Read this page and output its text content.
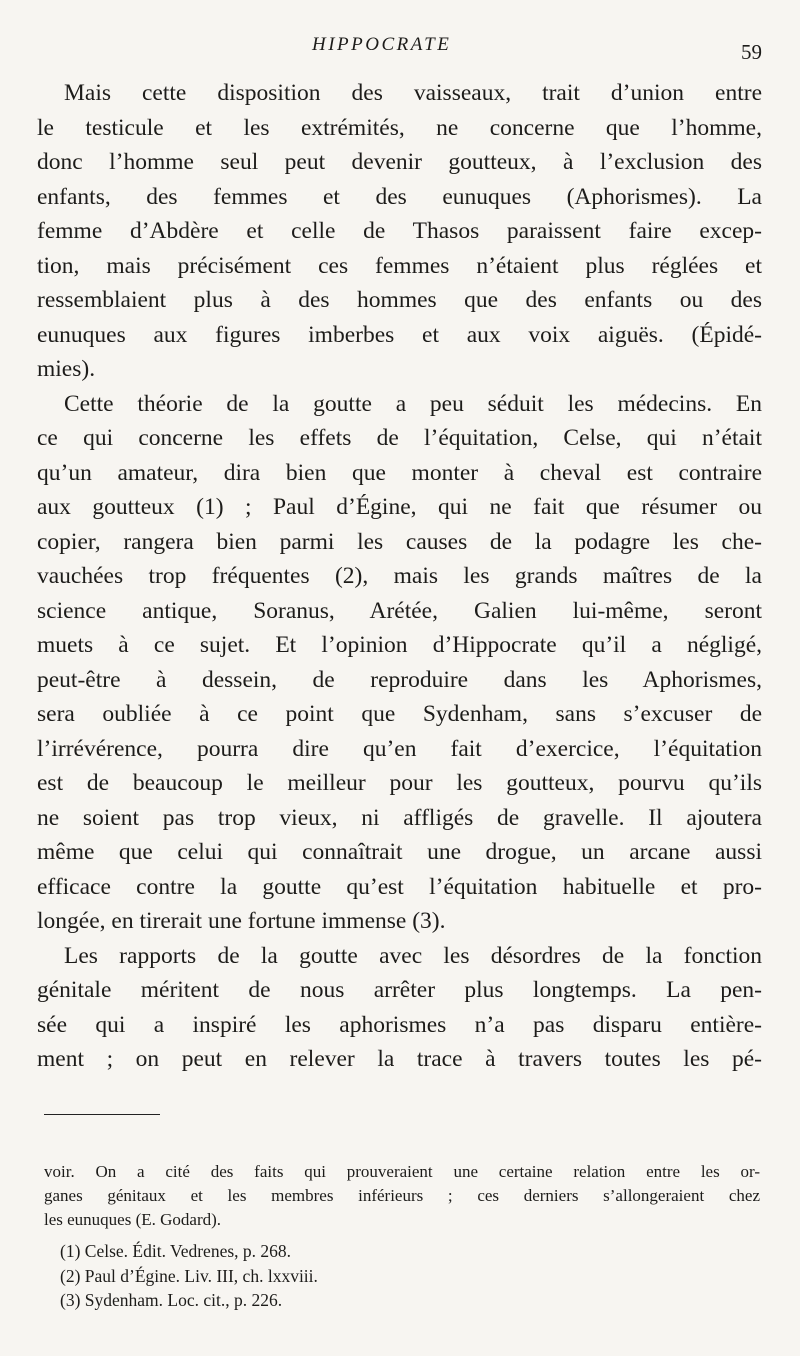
HIPPOCRATE	59
Mais cette disposition des vaisseaux, trait d’union entre
le testicule et les extrémités, ne concerne que l’homme,
donc l’homme seul peut devenir goutteux, à l’exclusion des
enfants, des femmes et des eunuques (Aphorismes). La
femme d’Abdère et celle de Thasos paraissent faire excep-
tion, mais précisément ces femmes n’étaient plus réglées et
ressemblaient plus à des hommes que des enfants ou des
eunuques aux figures imberbes et aux voix aiguës. (Épidé-
mies).
Cette théorie de la goutte a peu séduit les médecins. En
ce qui concerne les effets de l’équitation, Celse, qui n’était
qu’un amateur, dira bien que monter à cheval est contraire
aux goutteux (1) ; Paul d’Égine, qui ne fait que résumer ou
copier, rangera bien parmi les causes de la podagre les che-
vauchées trop fréquentes (2), mais les grands maîtres de la
science antique, Soranus, Arétée, Galien lui-même, seront
muets à ce sujet. Et l’opinion d’Hippocrate qu’il a négligé,
peut-être à dessein, de reproduire dans les Aphorismes,
sera oubliée à ce point que Sydenham, sans s’excuser de
l’irrévérence, pourra dire qu’en fait d’exercice, l’équitation
est de beaucoup le meilleur pour les goutteux, pourvu qu’ils
ne soient pas trop vieux, ni affligés de gravelle. Il ajoutera
même que celui qui connaîtrait une drogue, un arcane aussi
efficace contre la goutte qu’est l’équitation habituelle et pro-
longée, en tirerait une fortune immense (3).
Les rapports de la goutte avec les désordres de la fonction
génitale méritent de nous arrêter plus longtemps. La pen-
sée qui a inspiré les aphorismes n’a pas disparu entière-
ment ; on peut en relever la trace à travers toutes les pé-
voir. On a cité des faits qui prouveraient une certaine relation entre les or-
ganes génitaux et les membres inférieurs ; ces derniers s’allongeraient chez
les eunuques (E. Godard).
(1) Celse. Édit. Vedrenes, p. 268.
(2) Paul d’Égine. Liv. III, ch. lxxviii.
(3) Sydenham. Loc. cit., p. 226.
